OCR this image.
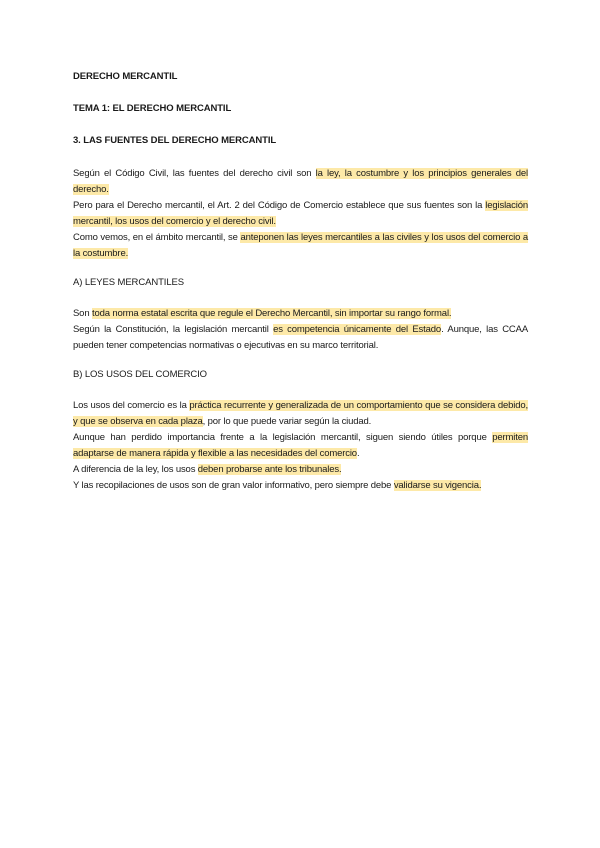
DERECHO MERCANTIL

TEMA 1: EL DERECHO MERCANTIL

3. LAS FUENTES DEL DERECHO MERCANTIL

Según el Código Civil, las fuentes del derecho civil son la ley, la costumbre y los principios generales del derecho.

Pero para el Derecho mercantil, el Art. 2 del Código de Comercio establece que sus fuentes son la legislación mercantil, los usos del comercio y el derecho civil.

Como vemos, en el ámbito mercantil, se anteponen las leyes mercantiles a las civiles y los usos del comercio a la costumbre.

A) LEYES MERCANTILES

Son toda norma estatal escrita que regule el Derecho Mercantil, sin importar su rango formal.

Según la Constitución, la legislación mercantil es competencia únicamente del Estado. Aunque, las CCAA pueden tener competencias normativas o ejecutivas en su marco territorial.

B) LOS USOS DEL COMERCIO

Los usos del comercio es la práctica recurrente y generalizada de un comportamiento que se considera debido, y que se observa en cada plaza, por lo que puede variar según la ciudad.

Aunque han perdido importancia frente a la legislación mercantil, siguen siendo útiles porque permiten adaptarse de manera rápida y flexible a las necesidades del comercio.

A diferencia de la ley, los usos deben probarse ante los tribunales.

Y las recopilaciones de usos son de gran valor informativo, pero siempre debe validarse su vigencia.
